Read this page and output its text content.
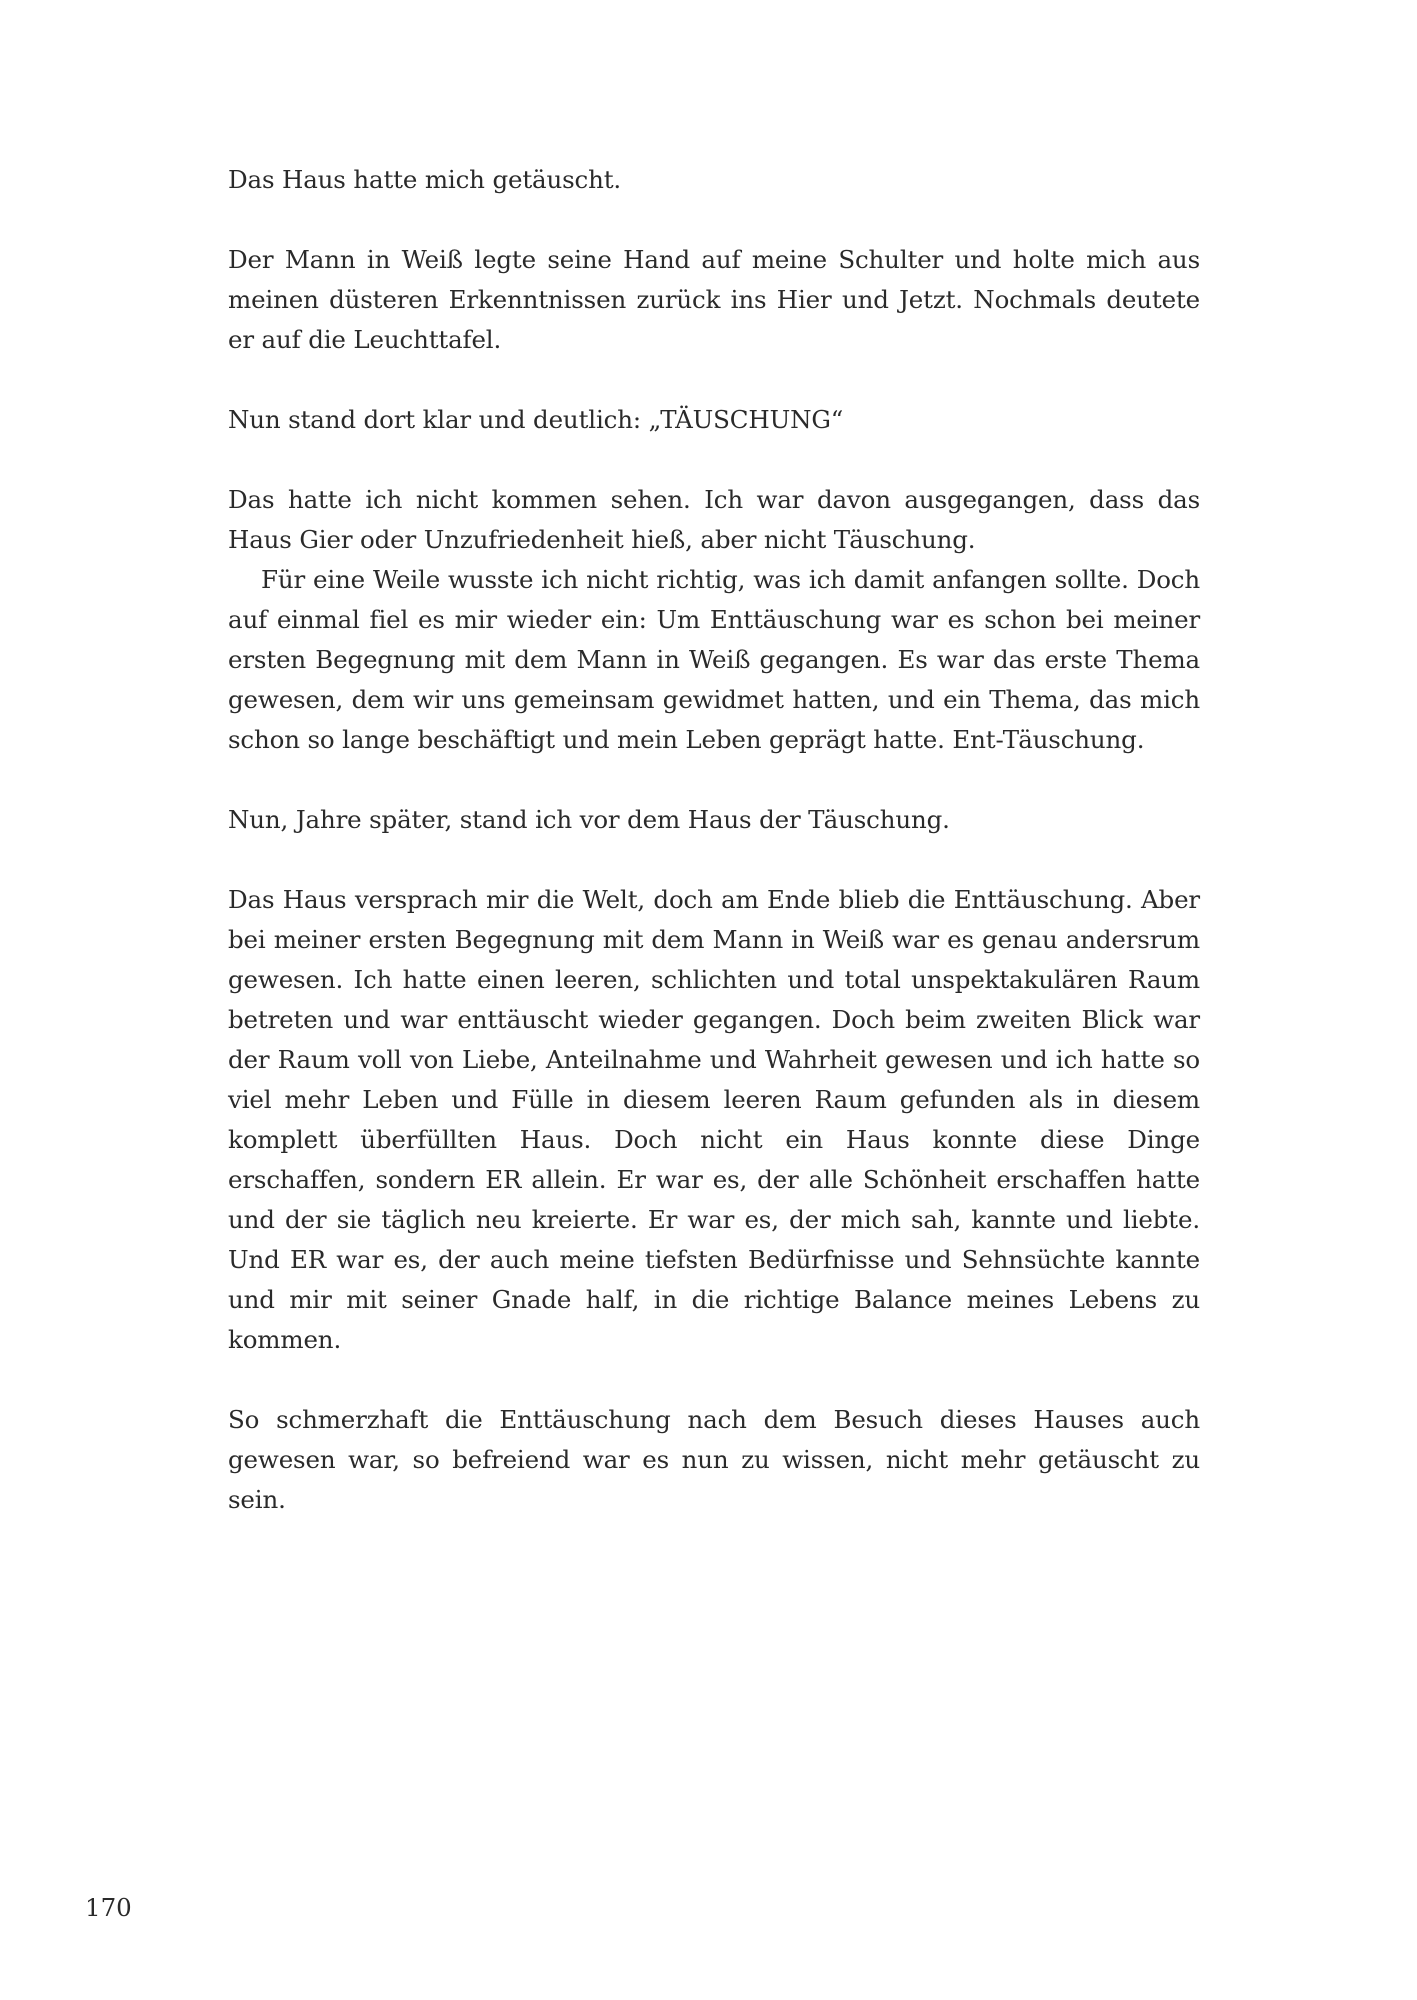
Das Haus hatte mich getäuscht.

Der Mann in Weiß legte seine Hand auf meine Schulter und holte mich aus meinen düsteren Erkenntnissen zurück ins Hier und Jetzt. Nochmals deutete er auf die Leuchttafel.

Nun stand dort klar und deutlich: „TÄUSCHUNG“

Das hatte ich nicht kommen sehen. Ich war davon ausgegangen, dass das Haus Gier oder Unzufriedenheit hieß, aber nicht Täuschung.

Für eine Weile wusste ich nicht richtig, was ich damit anfangen sollte. Doch auf einmal fiel es mir wieder ein: Um Enttäuschung war es schon bei meiner ersten Begegnung mit dem Mann in Weiß gegangen. Es war das erste Thema gewesen, dem wir uns gemeinsam gewidmet hatten, und ein Thema, das mich schon so lange beschäftigt und mein Leben geprägt hatte. Ent-Täuschung.

Nun, Jahre später, stand ich vor dem Haus der Täuschung.

Das Haus versprach mir die Welt, doch am Ende blieb die Enttäuschung. Aber bei meiner ersten Begegnung mit dem Mann in Weiß war es genau andersrum gewesen. Ich hatte einen leeren, schlichten und total unspektakulären Raum betreten und war enttäuscht wieder gegangen. Doch beim zweiten Blick war der Raum voll von Liebe, Anteilnahme und Wahrheit gewesen und ich hatte so viel mehr Leben und Fülle in diesem leeren Raum gefunden als in diesem komplett überfüllten Haus. Doch nicht ein Haus konnte diese Dinge erschaffen, sondern ER allein. Er war es, der alle Schönheit erschaffen hatte und der sie täglich neu kreierte. Er war es, der mich sah, kannte und liebte. Und ER war es, der auch meine tiefsten Bedürfnisse und Sehnsüchte kannte und mir mit seiner Gnade half, in die richtige Balance meines Lebens zu kommen.

So schmerzhaft die Enttäuschung nach dem Besuch dieses Hauses auch gewesen war, so befreiend war es nun zu wissen, nicht mehr getäuscht zu sein.

170
